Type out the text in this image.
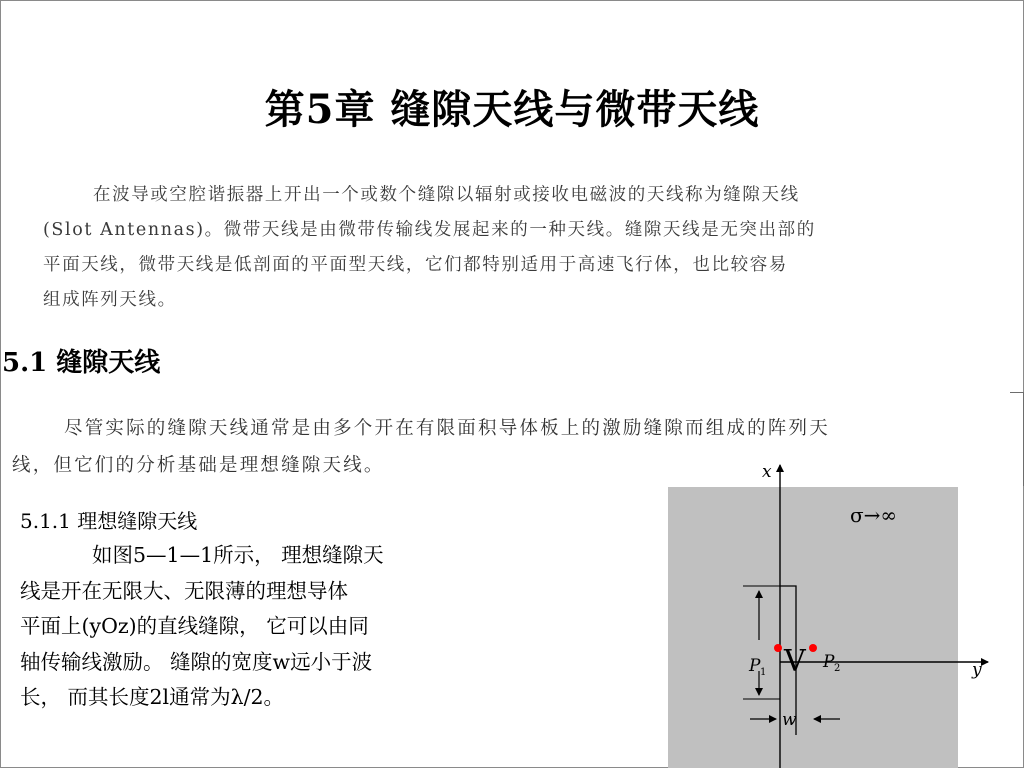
第5章 缝隙天线与微带天线

在波导或空腔谐振器上开出一个或数个缝隙以辐射或接收电磁波的天线称为缝隙天线

(Slot Antennas)。微带天线是由微带传输线发展起来的一种天线。缝隙天线是无突出部的

平面天线，微带天线是低剖面的平面型天线，它们都特别适用于高速飞行体，也比较容易

组成阵列天线。

5.1 缝隙天线

尽管实际的缝隙天线通常是由多个开在有限面积导体板上的激励缝隙而组成的阵列天

线，但它们的分析基础是理想缝隙天线。

5.1.1 理想缝隙天线

如图5—1—1所示， 理想缝隙天

线是开在无限大、无限薄的理想导体

平面上(yOz)的直线缝隙， 它可以由同

轴传输线激励。 缝隙的宽度w远小于波

长， 而其长度2l通常为λ/2。

x
y
σ→∞
V
P 1
P 2
w
